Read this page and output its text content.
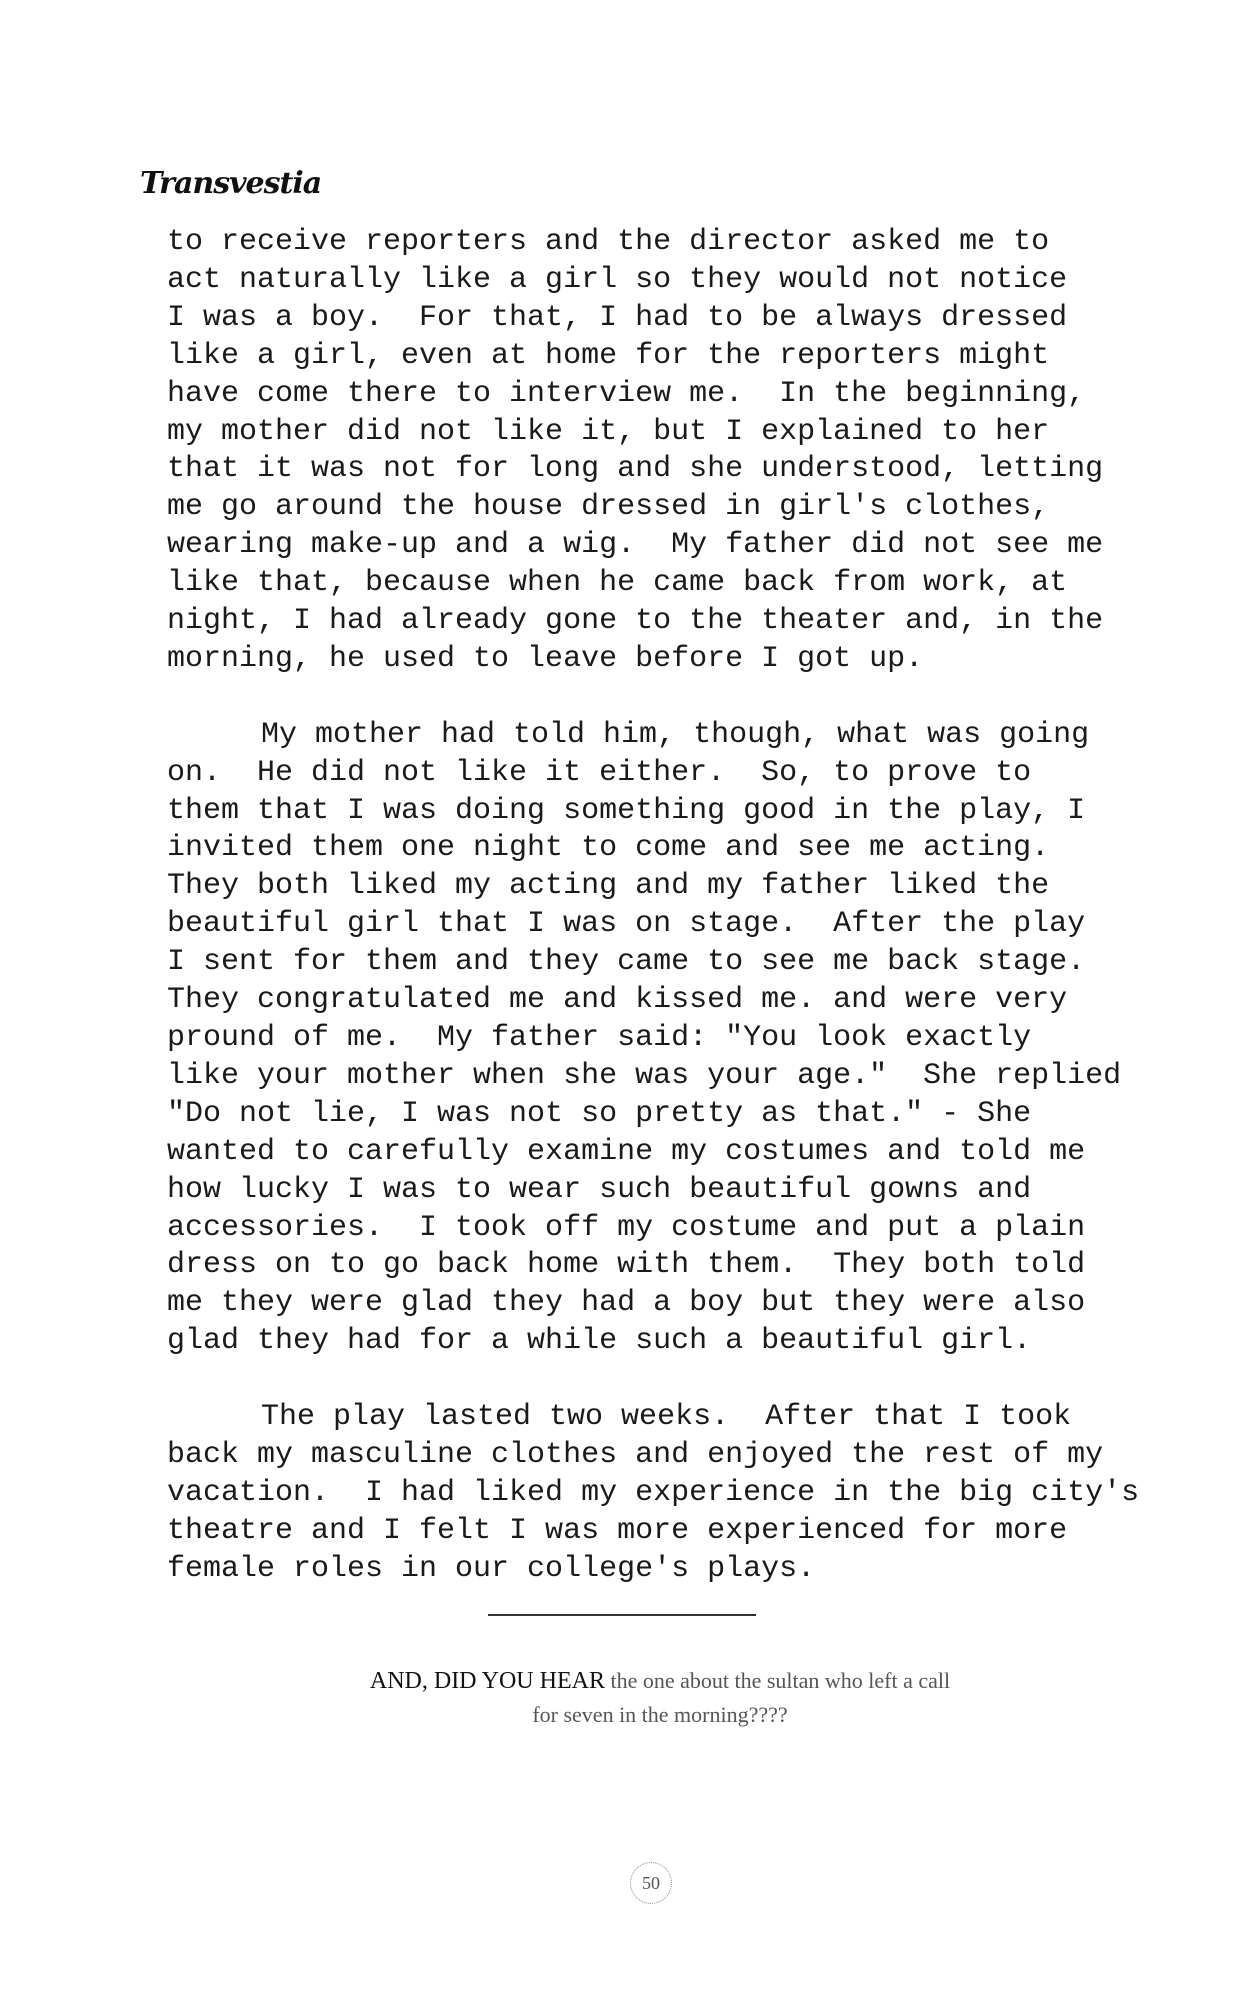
Transvestia
to receive reporters and the director asked me to
act naturally like a girl so they would not notice
I was a boy.  For that, I had to be always dressed
like a girl, even at home for the reporters might
have come there to interview me.  In the beginning,
my mother did not like it, but I explained to her
that it was not for long and she understood, letting
me go around the house dressed in girl's clothes,
wearing make-up and a wig.  My father did not see me
like that, because when he came back from work, at
night, I had already gone to the theater and, in the
morning, he used to leave before I got up.
My mother had told him, though, what was going
on.  He did not like it either.  So, to prove to
them that I was doing something good in the play, I
invited them one night to come and see me acting.
They both liked my acting and my father liked the
beautiful girl that I was on stage.  After the play
I sent for them and they came to see me back stage.
They congratulated me and kissed me. and were very
pround of me.  My father said: "You look exactly
like your mother when she was your age."  She replied
"Do not lie, I was not so pretty as that." - She
wanted to carefully examine my costumes and told me
how lucky I was to wear such beautiful gowns and
accessories.  I took off my costume and put a plain
dress on to go back home with them.  They both told
me they were glad they had a boy but they were also
glad they had for a while such a beautiful girl.
The play lasted two weeks.  After that I took
back my masculine clothes and enjoyed the rest of my
vacation.  I had liked my experience in the big city's
theatre and I felt I was more experienced for more
female roles in our college's plays.
AND, DID YOU HEAR the one about the sultan who left a call
for seven in the morning????
50
